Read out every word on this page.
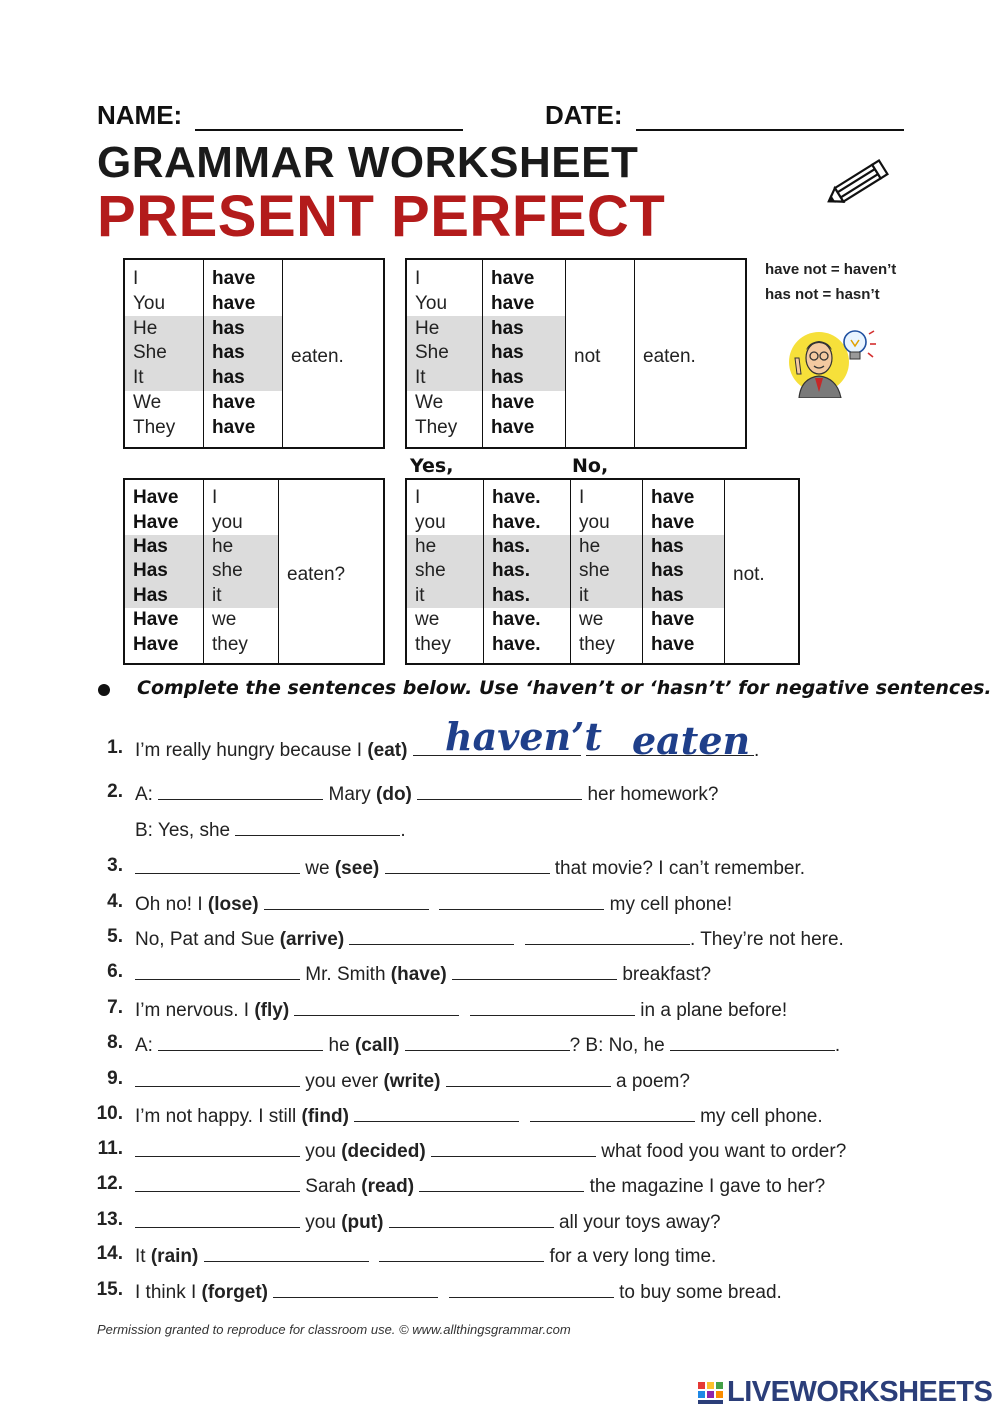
NAME:	DATE:
GRAMMAR WORKSHEET
PRESENT PERFECT
I	have	eaten.
You	have	
He	has	
She	has	
It	has	
We	have	
They	have	
I	have	not	eaten.
You	have		
He	has		
She	has		
It	has		
We	have		
They	have		
have not = haven’t
has not = hasn’t
Yes,	No,
Have	I	eaten?
Have	you	
Has	he	
Has	she	
Has	it	
Have	we	
Have	they	
I	have.	I	have	not.
you	have.	you	have	
he	has.	he	has	
she	has.	she	has	
it	has.	it	has	
we	have.	we	have	
they	have.	they	have	
Complete the sentences below. Use ‘haven’t or ‘hasn’t’ for negative sentences.
1. I’m really hungry because I (eat)	.
haven’t eaten
2. A:	Mary (do)	her homework?
B: Yes, she	.
3.	we (see)	that movie? I can’t remember.
4. Oh no! I (lose)	my cell phone!
5. No, Pat and Sue (arrive)	. They’re not here.
6.	Mr. Smith (have)	breakfast?
7. I’m nervous. I (fly)	in a plane before!
8. A:	he (call)	? B: No, he	.
9.	you ever (write)	a poem?
10. I’m not happy. I still (find)	my cell phone.
11.	you (decided)	what food you want to order?
12.	Sarah (read)	the magazine I gave to her?
13.	you (put)	all your toys away?
14. It (rain)	for a very long time.
15. I think I (forget)	to buy some bread.
Permission granted to reproduce for classroom use. © www.allthingsgrammar.com
LIVEWORKSHEETS
